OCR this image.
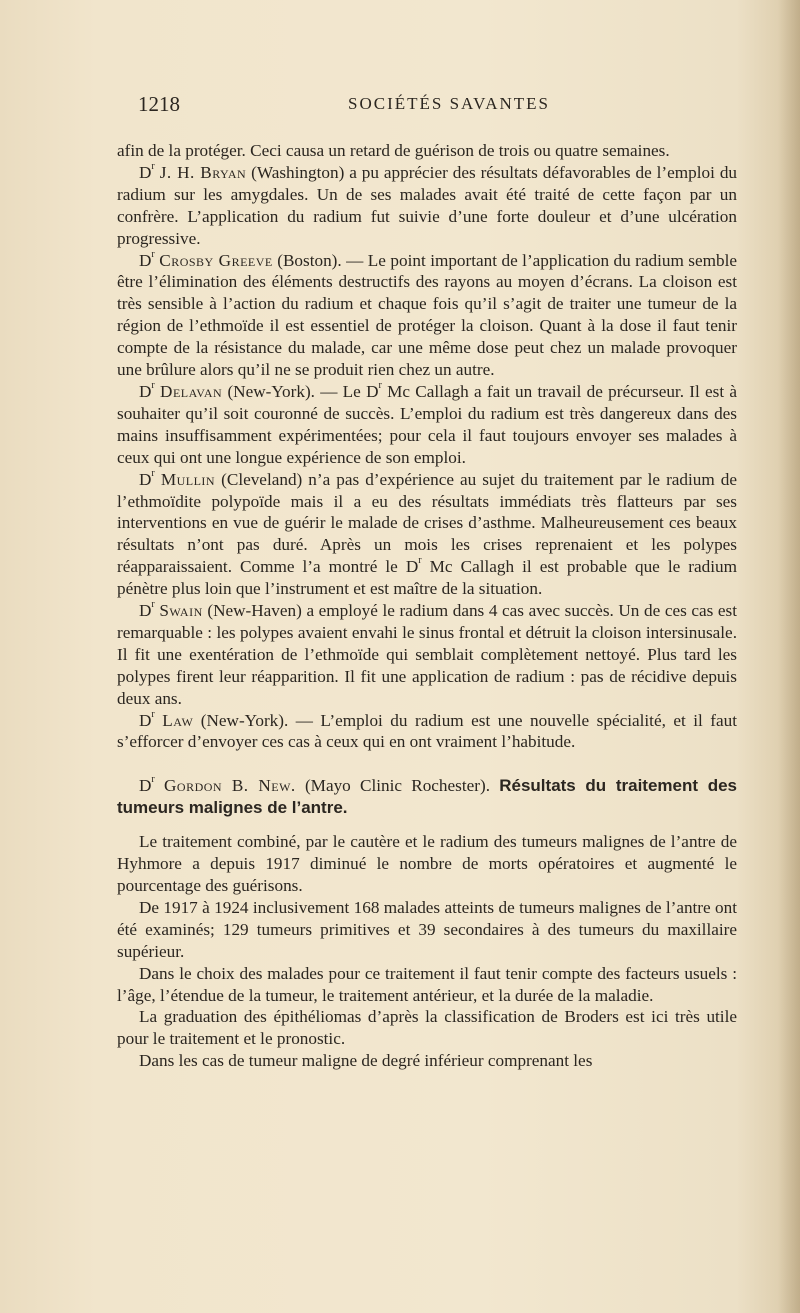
1218	SOCIÉTÉS SAVANTES

afin de la protéger. Ceci causa un retard de guérison de trois ou quatre semaines.

$D^r$ J. H. Bryan (Washington) a pu apprécier des résultats défavorables de l’emploi du radium sur les amygdales. Un de ses malades avait été traité de cette façon par un confrère. L’application du radium fut suivie d’une forte douleur et d’une ulcération progressive.

$D^r$ Crosby Greeve (Boston). — Le point important de l’application du radium semble être l’élimination des éléments destructifs des rayons au moyen d’écrans. La cloison est très sensible à l’action du radium et chaque fois qu’il s’agit de traiter une tumeur de la région de l’ethmoïde il est essentiel de protéger la cloison. Quant à la dose il faut tenir compte de la résistance du malade, car une même dose peut chez un malade provoquer une brûlure alors qu’il ne se produit rien chez un autre.

$D^r$ Delavan (New-York). — Le $D^r$ Mc Callagh a fait un travail de précurseur. Il est à souhaiter qu’il soit couronné de succès. L’emploi du radium est très dangereux dans des mains insuffisamment expérimentées; pour cela il faut toujours envoyer ses malades à ceux qui ont une longue expérience de son emploi.

$D^r$ Mullin (Cleveland) n’a pas d’expérience au sujet du traitement par le radium de l’ethmoïdite polypoïde mais il a eu des résultats immédiats très flatteurs par ses interventions en vue de guérir le malade de crises d’asthme. Malheureusement ces beaux résultats n’ont pas duré. Après un mois les crises reprenaient et les polypes réapparaissaient. Comme l’a montré le $D^r$ Mc Callagh il est probable que le radium pénètre plus loin que l’instrument et est maître de la situation.

$D^r$ Swain (New-Haven) a employé le radium dans 4 cas avec succès. Un de ces cas est remarquable : les polypes avaient envahi le sinus frontal et détruit la cloison intersinusale. Il fit une exentération de l’ethmoïde qui semblait complètement nettoyé. Plus tard les polypes firent leur réapparition. Il fit une application de radium : pas de récidive depuis deux ans.

$D^r$ Law (New-York). — L’emploi du radium est une nouvelle spécialité, et il faut s’efforcer d’envoyer ces cas à ceux qui en ont vraiment l’habitude.

$D^r$ Gordon B. New. (Mayo Clinic Rochester). Résultats du traitement des tumeurs malignes de l’antre.

Le traitement combiné, par le cautère et le radium des tumeurs malignes de l’antre de Hyhmore a depuis 1917 diminué le nombre de morts opératoires et augmenté le pourcentage des guérisons.

De 1917 à 1924 inclusivement 168 malades atteints de tumeurs malignes de l’antre ont été examinés; 129 tumeurs primitives et 39 secondaires à des tumeurs du maxillaire supérieur.

Dans le choix des malades pour ce traitement il faut tenir compte des facteurs usuels : l’âge, l’étendue de la tumeur, le traitement antérieur, et la durée de la maladie.

La graduation des épithéliomas d’après la classification de Broders est ici très utile pour le traitement et le pronostic.

Dans les cas de tumeur maligne de degré inférieur comprenant les
